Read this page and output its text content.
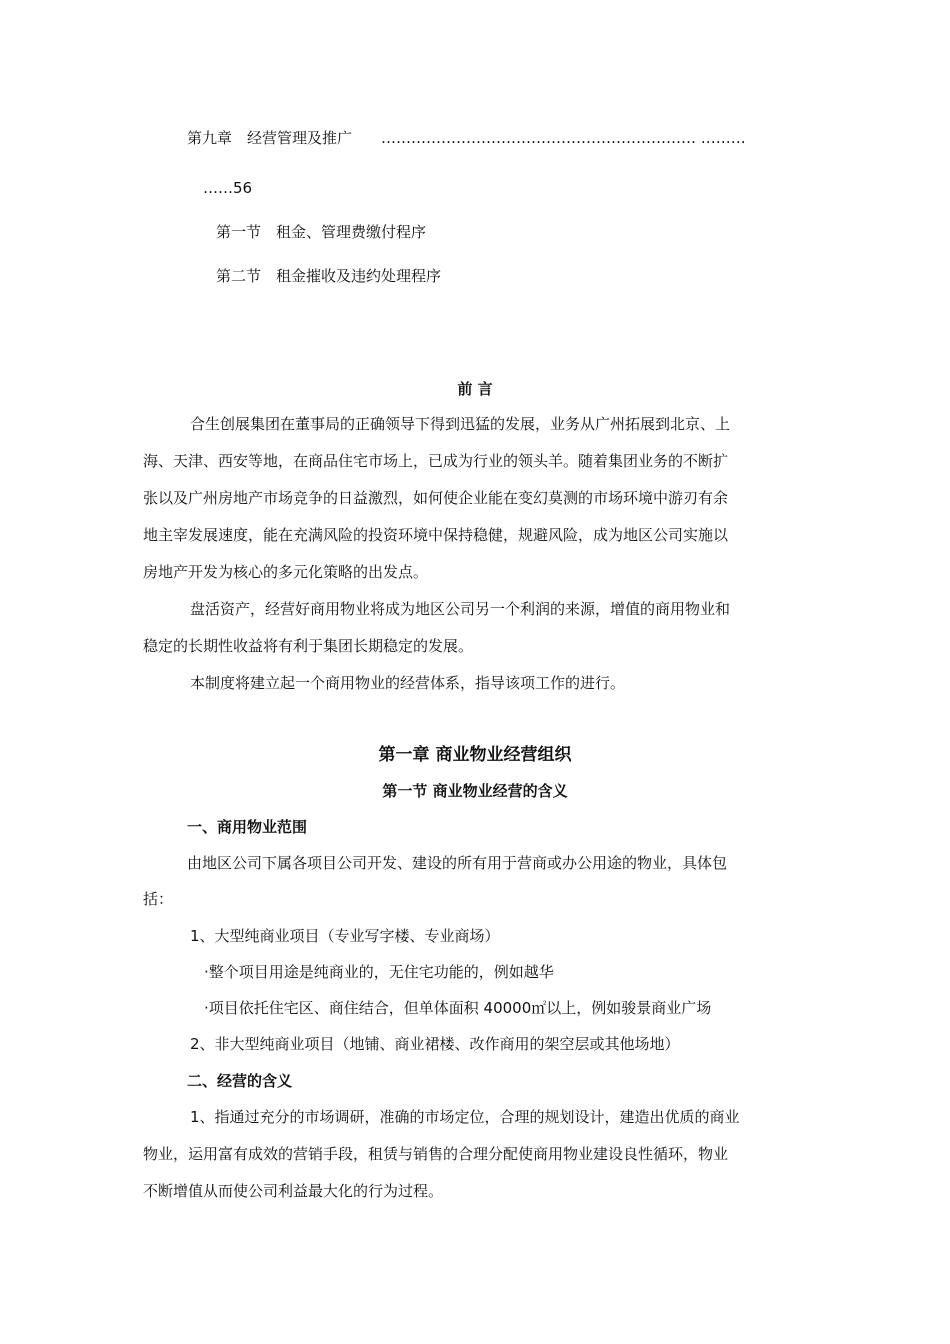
第九章　经营管理及推广 ……………………………………………………… ………
……56
第一节　租金、管理费缴付程序
第二节　租金摧收及违约处理程序
前 言
合生创展集团在董事局的正确领导下得到迅猛的发展，业务从广州拓展到北京、上
海、天津、西安等地，在商品住宅市场上，已成为行业的领头羊。随着集团业务的不断扩
张以及广州房地产市场竞争的日益激烈，如何使企业能在变幻莫测的市场环境中游刃有余
地主宰发展速度，能在充满风险的投资环境中保持稳健，规避风险，成为地区公司实施以
房地产开发为核心的多元化策略的出发点。
盘活资产，经营好商用物业将成为地区公司另一个利润的来源，增值的商用物业和
稳定的长期性收益将有利于集团长期稳定的发展。
本制度将建立起一个商用物业的经营体系，指导该项工作的进行。
第一章 商业物业经营组织
第一节 商业物业经营的含义
一、商用物业范围
由地区公司下属各项目公司开发、建设的所有用于营商或办公用途的物业，具体包
括：
1、大型纯商业项目（专业写字楼、专业商场）
·整个项目用途是纯商业的，无住宅功能的，例如越华
·项目依托住宅区、商住结合，但单体面积 40000㎡以上，例如骏景商业广场
2、非大型纯商业项目（地铺、商业裙楼、改作商用的架空层或其他场地）
二、经营的含义
1、指通过充分的市场调研，准确的市场定位，合理的规划设计，建造出优质的商业
物业，运用富有成效的营销手段，租赁与销售的合理分配使商用物业建设良性循环，物业
不断增值从而使公司利益最大化的行为过程。
